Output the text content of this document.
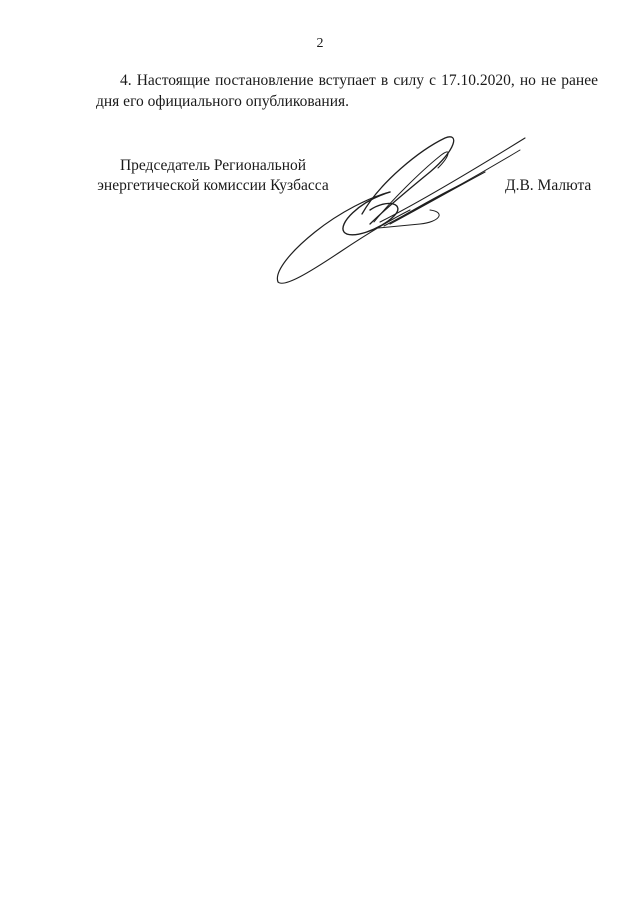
2

4. Настоящие постановление вступает в силу с 17.10.2020, но не ранее
дня его официального опубликования.

Председатель Региональной
энергетической комиссии Кузбасса	Д.В. Малюта
